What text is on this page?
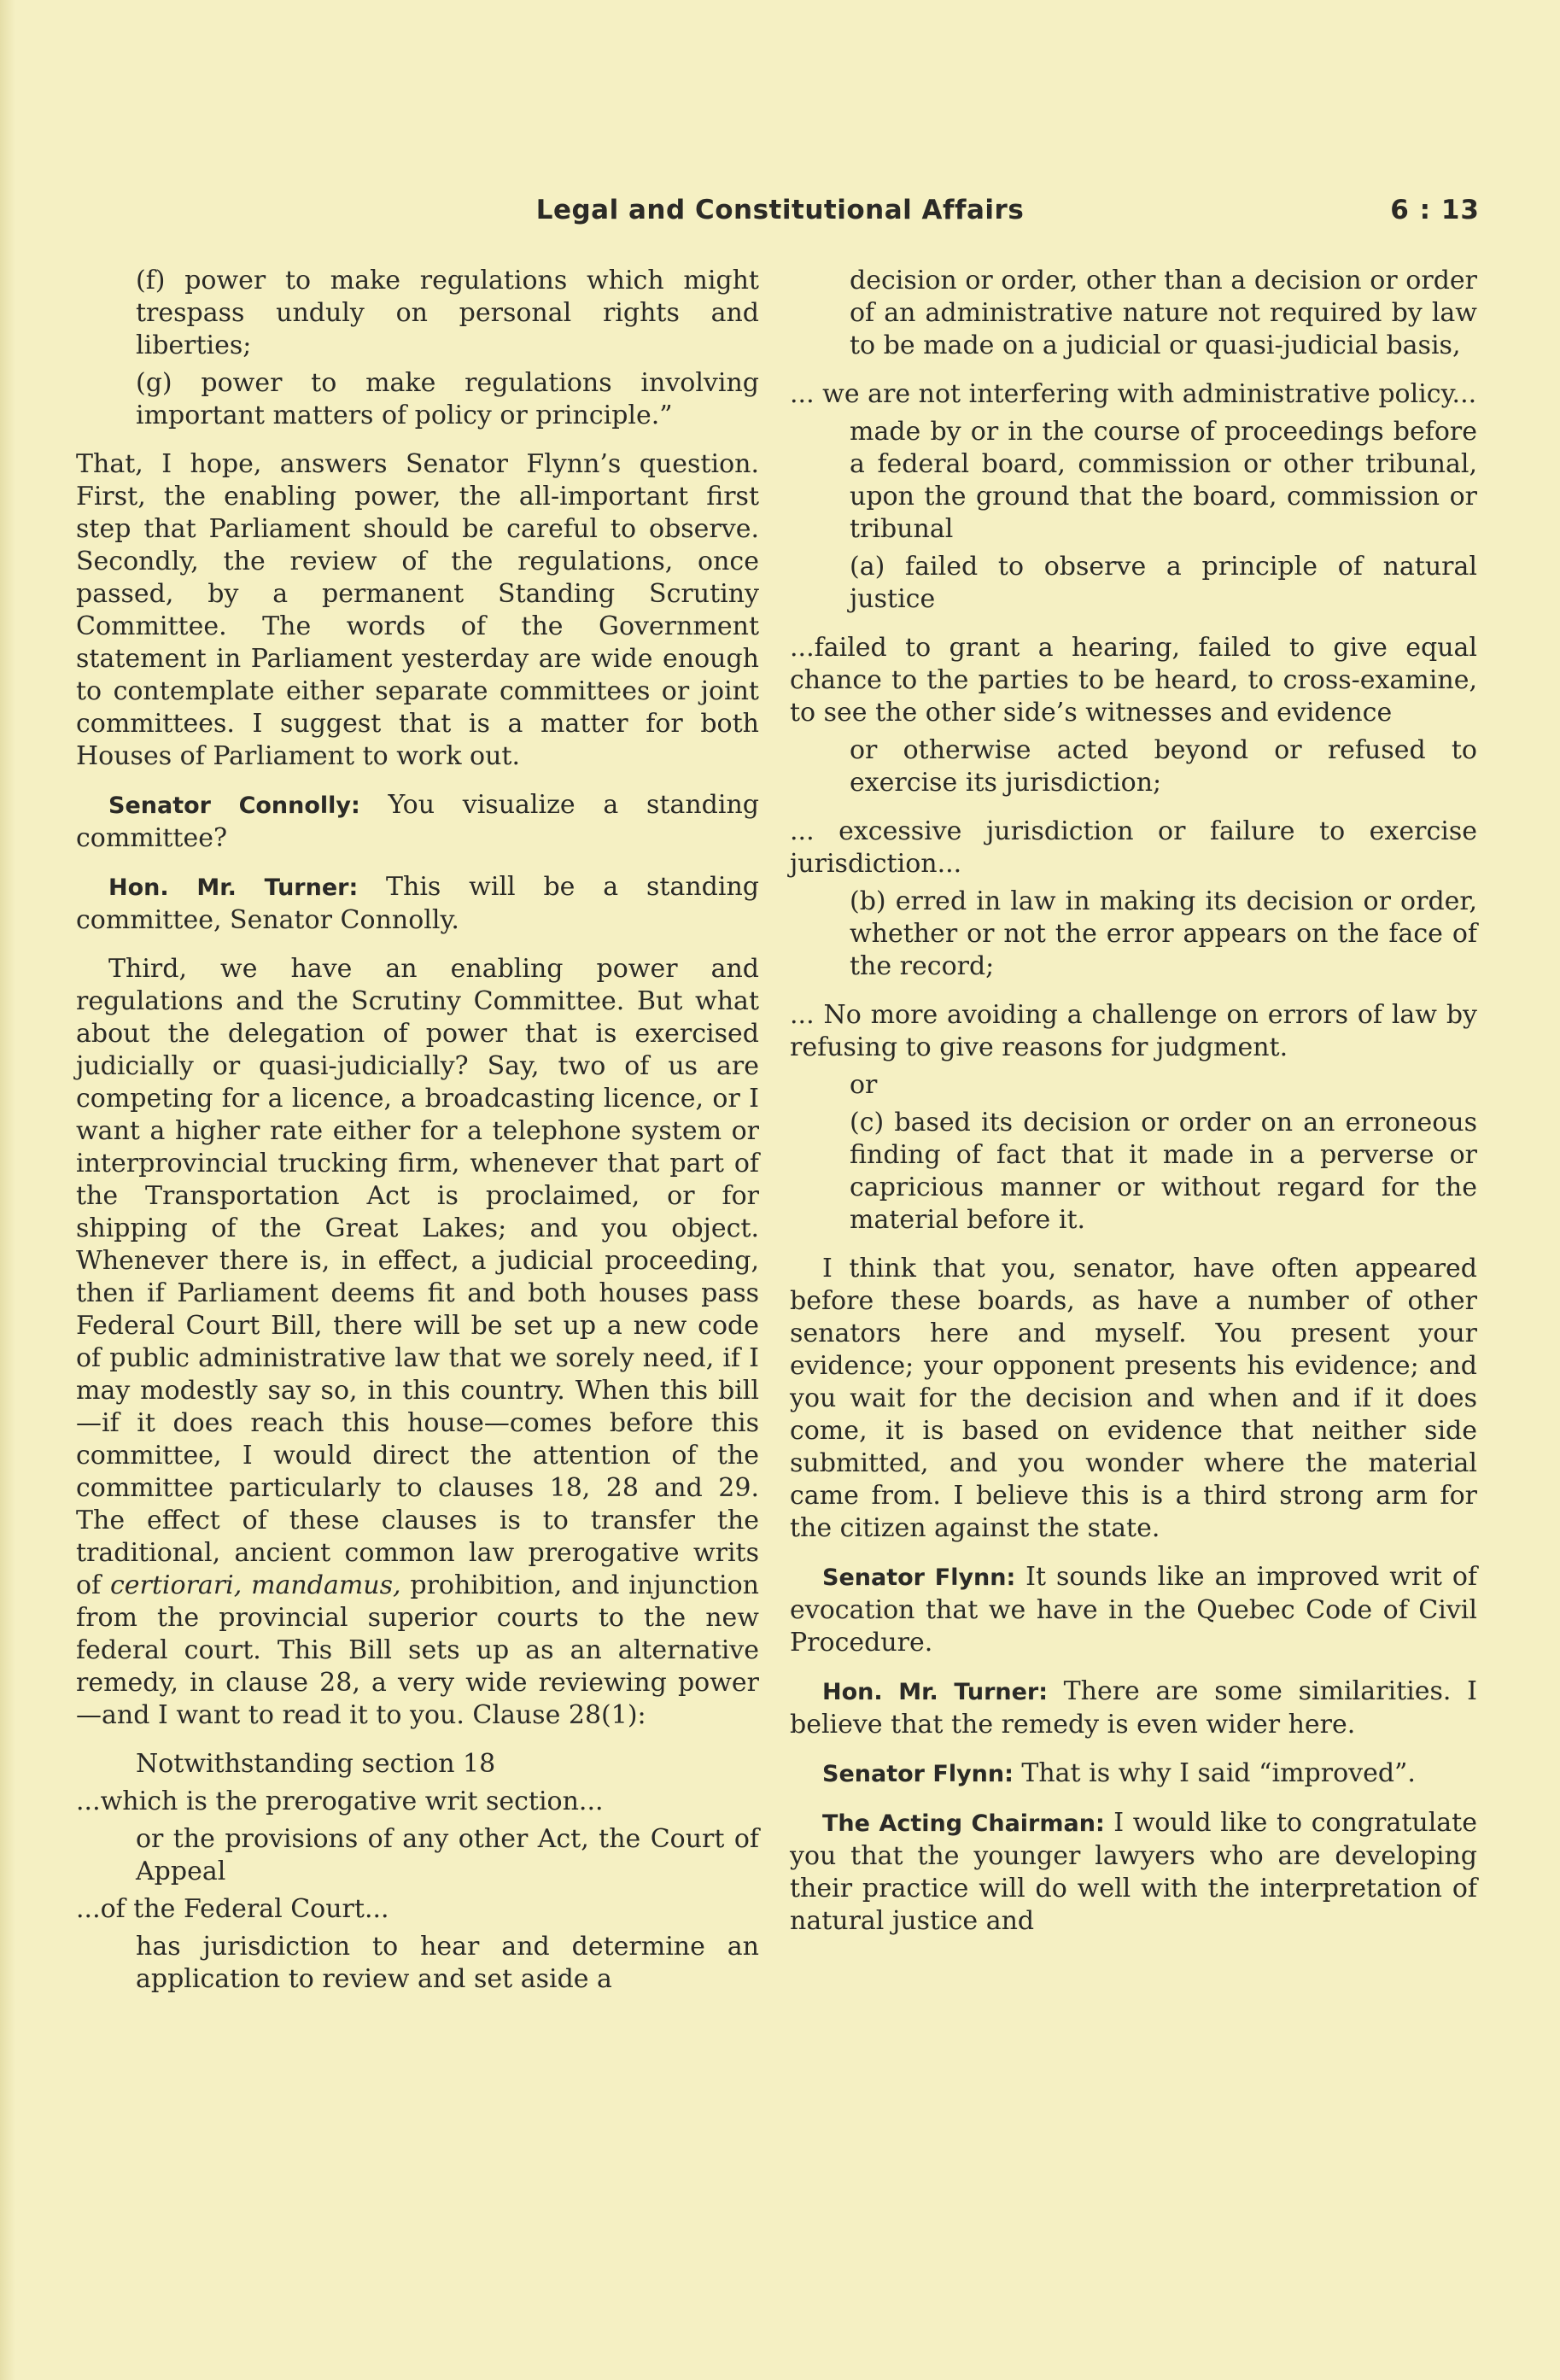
Legal and Constitutional Affairs	6 : 13
(f) power to make regulations which might trespass unduly on personal rights and liberties;
(g) power to make regulations involving important matters of policy or principle.”

That, I hope, answers Senator Flynn’s question. First, the enabling power, the all-important first step that Parliament should be careful to observe. Secondly, the review of the regulations, once passed, by a permanent Standing Scrutiny Committee. The words of the Government statement in Parliament yesterday are wide enough to contemplate either separate committees or joint committees. I suggest that is a matter for both Houses of Parliament to work out.

Senator Connolly: You visualize a standing committee?

Hon. Mr. Turner: This will be a standing committee, Senator Connolly.

Third, we have an enabling power and regulations and the Scrutiny Committee. But what about the delegation of power that is exercised judicially or quasi-judicially? Say, two of us are competing for a licence, a broadcasting licence, or I want a higher rate either for a telephone system or interprovincial trucking firm, whenever that part of the Transportation Act is proclaimed, or for shipping of the Great Lakes; and you object. Whenever there is, in effect, a judicial proceeding, then if Parliament deems fit and both houses pass Federal Court Bill, there will be set up a new code of public administrative law that we sorely need, if I may modestly say so, in this country. When this bill—if it does reach this house—comes before this committee, I would direct the attention of the committee particularly to clauses 18, 28 and 29. The effect of these clauses is to transfer the traditional, ancient common law prerogative writs of certiorari, mandamus, prohibition, and injunction from the provincial superior courts to the new federal court. This Bill sets up as an alternative remedy, in clause 28, a very wide reviewing power—and I want to read it to you. Clause 28(1):

Notwithstanding section 18
...which is the prerogative writ section...
or the provisions of any other Act, the Court of Appeal
...of the Federal Court...
has jurisdiction to hear and determine an application to review and set aside a
decision or order, other than a decision or order of an administrative nature not required by law to be made on a judicial or quasi-judicial basis,
... we are not interfering with administrative policy...
made by or in the course of proceedings before a federal board, commission or other tribunal, upon the ground that the board, commission or tribunal
(a) failed to observe a principle of natural justice
...failed to grant a hearing, failed to give equal chance to the parties to be heard, to cross-examine, to see the other side’s witnesses and evidence
or otherwise acted beyond or refused to exercise its jurisdiction;
... excessive jurisdiction or failure to exercise jurisdiction...
(b) erred in law in making its decision or order, whether or not the error appears on the face of the record;
... No more avoiding a challenge on errors of law by refusing to give reasons for judgment.
or
(c) based its decision or order on an erroneous finding of fact that it made in a perverse or capricious manner or without regard for the material before it.

I think that you, senator, have often appeared before these boards, as have a number of other senators here and myself. You present your evidence; your opponent presents his evidence; and you wait for the decision and when and if it does come, it is based on evidence that neither side submitted, and you wonder where the material came from. I believe this is a third strong arm for the citizen against the state.

Senator Flynn: It sounds like an improved writ of evocation that we have in the Quebec Code of Civil Procedure.

Hon. Mr. Turner: There are some similarities. I believe that the remedy is even wider here.

Senator Flynn: That is why I said “improved”.

The Acting Chairman: I would like to congratulate you that the younger lawyers who are developing their practice will do well with the interpretation of natural justice and
